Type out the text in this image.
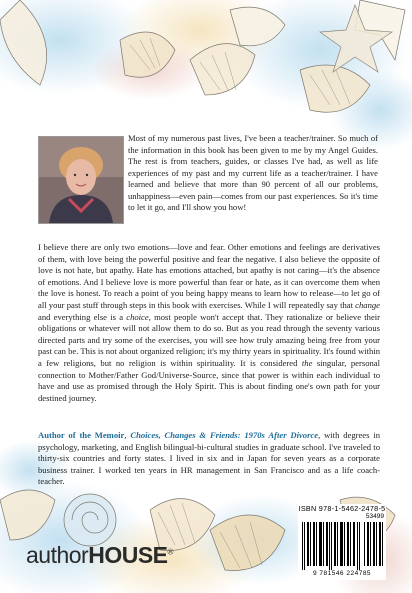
Most of my numerous past lives, I've been a teacher/trainer. So much of the information in this book has been given to me by my Angel Guides. The rest is from teachers, guides, or classes I've had, as well as life experiences of my past and my current life as a teacher/trainer. I have learned and believe that more than 90 percent of all our problems, unhappiness—even pain—comes from our past experiences. So it's time to let it go, and I'll show you how!
I believe there are only two emotions—love and fear. Other emotions and feelings are derivatives of them, with love being the powerful positive and fear the negative. I also believe the opposite of love is not hate, but apathy. Hate has emotions attached, but apathy is not caring—it's the absence of emotions. And I believe love is more powerful than fear or hate, as it can overcome them when the love is honest. To reach a point of you being happy means to learn how to release—to let go of all your past stuff through steps in this book with exercises. While I will repeatedly say that change and everything else is a choice, most people won't accept that. They rationalize or believe their obligations or whatever will not allow them to do so. But as you read through the seventy various directed parts and try some of the exercises, you will see how truly amazing being free from your past can be. This is not about organized religion; it's my thirty years in spirituality. It's found within a few religions, but no religion is within spirituality. It is considered the singular, personal connection to Mother/Father God/Universe-Source, since that power is within each individual to have and use as promised through the Holy Spirit. This is about finding one's own path for your destined journey.
Author of the Memoir, Choices, Changes & Friends: 1970s After Divorce, with degrees in psychology, marketing, and English bilingual-bi-cultural studies in graduate school. I've traveled to thirty-six countries and forty states. I lived in six and in Japan for seven years as a corporate business trainer. I worked ten years in HR management in San Francisco and as a life coach-teacher.
ISBN 978-1-5462-2478-5
53499
9 781546 224785
authorHOUSE®
